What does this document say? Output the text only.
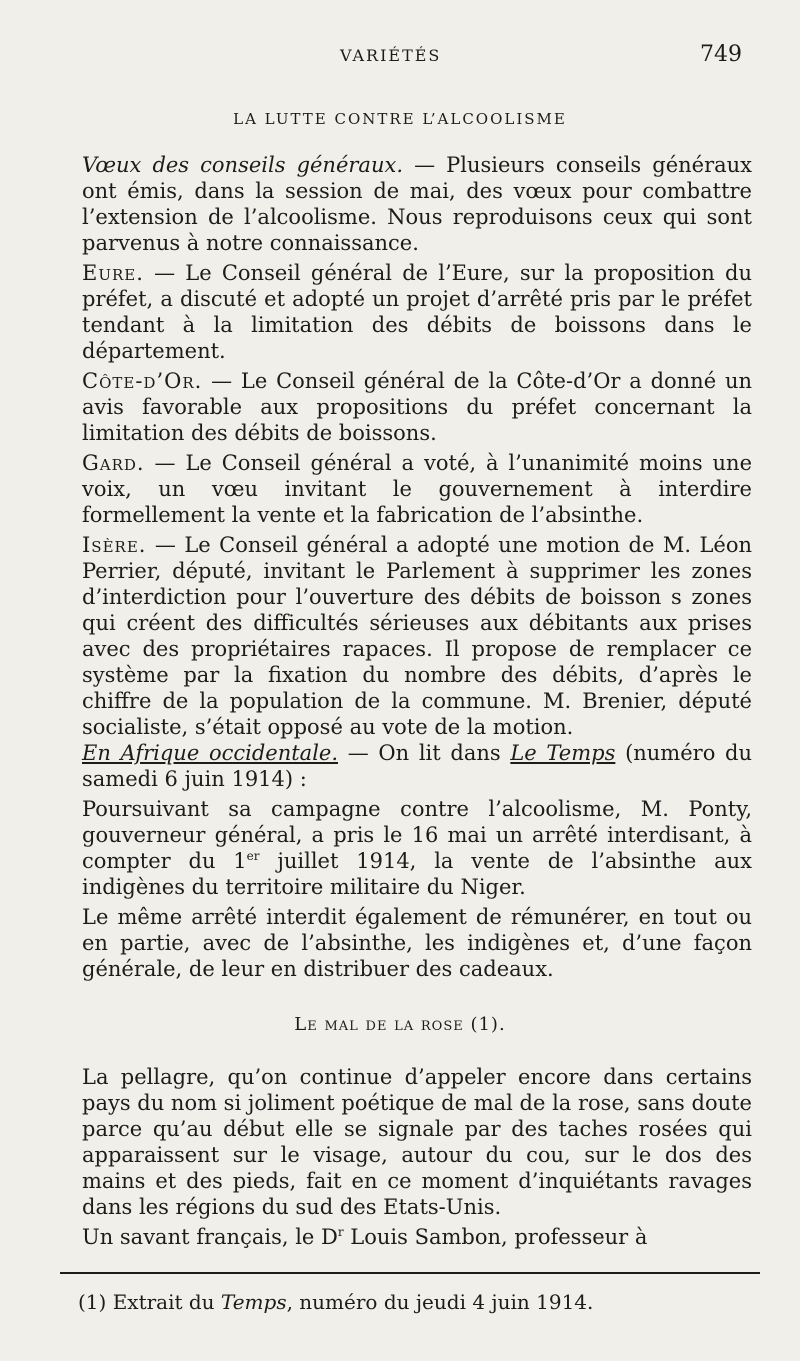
VARIÉTÉS	749
LA LUTTE CONTRE L’ALCOOLISME

Vœux des conseils généraux. — Plusieurs conseils généraux ont émis, dans la session de mai, des vœux pour combattre l’extension de l’alcoolisme. Nous reproduisons ceux qui sont parvenus à notre connaissance.

Eure. — Le Conseil général de l’Eure, sur la proposition du préfet, a discuté et adopté un projet d’arrêté pris par le préfet tendant à la limitation des débits de boissons dans le département.

Côte-d’Or. — Le Conseil général de la Côte-d’Or a donné un avis favorable aux propositions du préfet concernant la limitation des débits de boissons.

Gard. — Le Conseil général a voté, à l’unanimité moins une voix, un vœu invitant le gouvernement à interdire formellement la vente et la fabrication de l’absinthe.

Isère. — Le Conseil général a adopté une motion de M. Léon Perrier, député, invitant le Parlement à supprimer les zones d’interdiction pour l’ouverture des débits de boisson s zones qui créent des difficultés sérieuses aux débitants aux prises avec des propriétaires rapaces. Il propose de remplacer ce système par la fixation du nombre des débits, d’après le chiffre de la population de la commune. M. Brenier, député socialiste, s’était opposé au vote de la motion.

En Afrique occidentale. — On lit dans Le Temps (numéro du samedi 6 juin 1914) :

Poursuivant sa campagne contre l’alcoolisme, M. Ponty, gouverneur général, a pris le 16 mai un arrêté interdisant, à compter du 1er juillet 1914, la vente de l’absinthe aux indigènes du territoire militaire du Niger.

Le même arrêté interdit également de rémunérer, en tout ou en partie, avec de l’absinthe, les indigènes et, d’une façon générale, de leur en distribuer des cadeaux.

Le mal de la rose (1).

La pellagre, qu’on continue d’appeler encore dans certains pays du nom si joliment poétique de mal de la rose, sans doute parce qu’au début elle se signale par des taches rosées qui apparaissent sur le visage, autour du cou, sur le dos des mains et des pieds, fait en ce moment d’inquiétants ravages dans les régions du sud des Etats-Unis.

Un savant français, le $D^r$ Louis Sambon, professeur à

(1) Extrait du Temps, numéro du jeudi 4 juin 1914.
